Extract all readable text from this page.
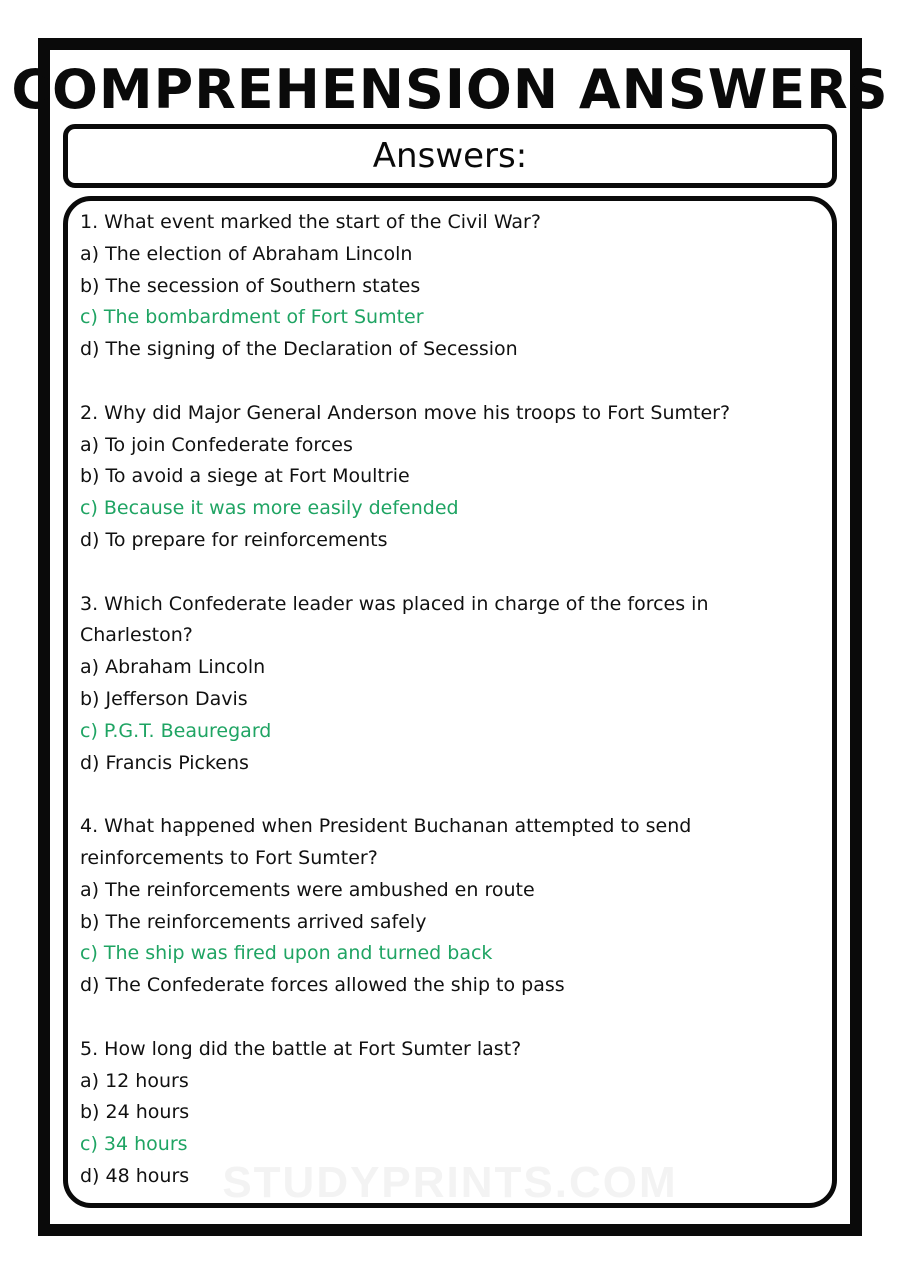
COMPREHENSION ANSWERS
Answers:
STUDYPRINTS.COM
1. What event marked the start of the Civil War?
a) The election of Abraham Lincoln
b) The secession of Southern states
c) The bombardment of Fort Sumter
d) The signing of the Declaration of Secession
2. Why did Major General Anderson move his troops to Fort Sumter?
a) To join Confederate forces
b) To avoid a siege at Fort Moultrie
c) Because it was more easily defended
d) To prepare for reinforcements
3. Which Confederate leader was placed in charge of the forces in Charleston?
a) Abraham Lincoln
b) Jefferson Davis
c) P.G.T. Beauregard
d) Francis Pickens
4. What happened when President Buchanan attempted to send reinforcements to Fort Sumter?
a) The reinforcements were ambushed en route
b) The reinforcements arrived safely
c) The ship was fired upon and turned back
d) The Confederate forces allowed the ship to pass
5. How long did the battle at Fort Sumter last?
a) 12 hours
b) 24 hours
c) 34 hours
d) 48 hours
